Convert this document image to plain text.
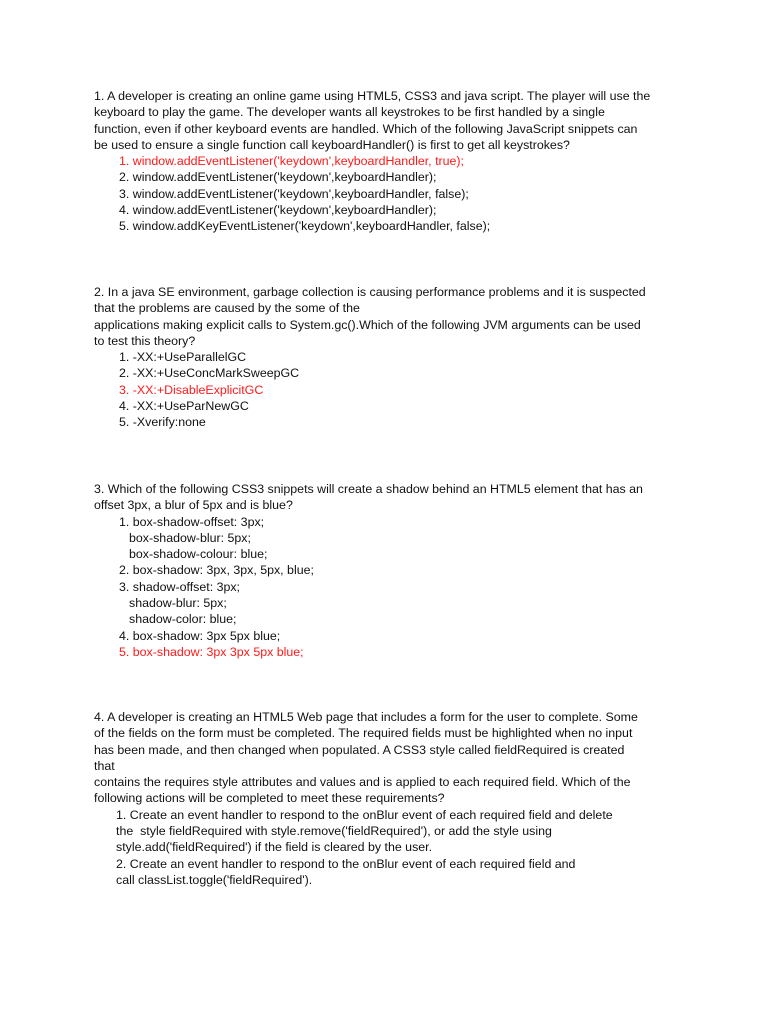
1. A developer is creating an online game using HTML5, CSS3 and java script. The player will use the
keyboard to play the game. The developer wants all keystrokes to be first handled by a single
function, even if other keyboard events are handled. Which of the following JavaScript snippets can
be used to ensure a single function call keyboardHandler() is first to get all keystrokes?
1. window.addEventListener('keydown',keyboardHandler, true);
2. window.addEventListener('keydown',keyboardHandler);
3. window.addEventListener('keydown',keyboardHandler, false);
4. window.addEventListener('keydown',keyboardHandler);
5. window.addKeyEventListener('keydown',keyboardHandler, false);
2. In a java SE environment, garbage collection is causing performance problems and it is suspected
that the problems are caused by the some of the
applications making explicit calls to System.gc().Which of the following JVM arguments can be used
to test this theory?
1. -XX:+UseParallelGC
2. -XX:+UseConcMarkSweepGC
3. -XX:+DisableExplicitGC
4. -XX:+UseParNewGC
5. -Xverify:none
3. Which of the following CSS3 snippets will create a shadow behind an HTML5 element that has an
offset 3px, a blur of 5px and is blue?
1. box-shadow-offset: 3px;
box-shadow-blur: 5px;
box-shadow-colour: blue;
2. box-shadow: 3px, 3px, 5px, blue;
3. shadow-offset: 3px;
shadow-blur: 5px;
shadow-color: blue;
4. box-shadow: 3px 5px blue;
5. box-shadow: 3px 3px 5px blue;
4. A developer is creating an HTML5 Web page that includes a form for the user to complete. Some
of the fields on the form must be completed. The required fields must be highlighted when no input
has been made, and then changed when populated. A CSS3 style called fieldRequired is created
that
contains the requires style attributes and values and is applied to each required field. Which of the
following actions will be completed to meet these requirements?
1. Create an event handler to respond to the onBlur event of each required field and delete
the  style fieldRequired with style.remove('fieldRequired'), or add the style using
style.add('fieldRequired') if the field is cleared by the user.
2. Create an event handler to respond to the onBlur event of each required field and
call classList.toggle('fieldRequired').
